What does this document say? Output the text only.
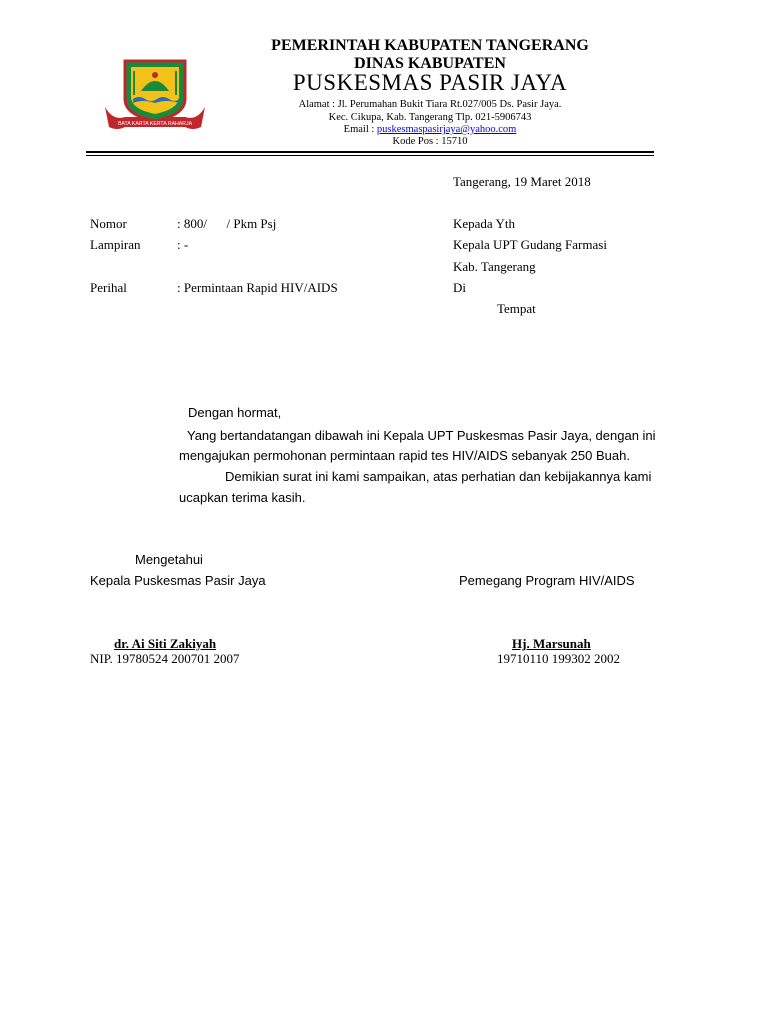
BATA KARTA KERTA RAHARJA
PEMERINTAH KABUPATEN TANGERANG
DINAS KABUPATEN
PUSKESMAS PASIR JAYA
Alamat : Jl. Perumahan Bukit Tiara Rt.027/005 Ds. Pasir Jaya.
Kec. Cikupa, Kab. Tangerang Tlp. 021-5906743
Email : puskesmaspasirjaya@yahoo.com
Kode Pos : 15710
Tangerang, 19 Maret 2018
Nomor	: 800/      / Pkm Psj
Lampiran	: -
Perihal	: Permintaan Rapid HIV/AIDS
Kepada Yth
Kepala UPT Gudang Farmasi
Kab. Tangerang
Di
Tempat
Dengan hormat,
Yang bertandatangan dibawah ini Kepala UPT Puskesmas Pasir Jaya, dengan ini
mengajukan permohonan permintaan rapid tes HIV/AIDS sebanyak 250 Buah.
Demikian surat ini kami sampaikan, atas perhatian dan kebijakannya kami
ucapkan terima kasih.
Mengetahui
Kepala Puskesmas Pasir Jaya	Pemegang Program HIV/AIDS
dr. Ai Siti Zakiyah
NIP. 19780524 200701 2007
Hj. Marsunah
19710110 199302 2002
